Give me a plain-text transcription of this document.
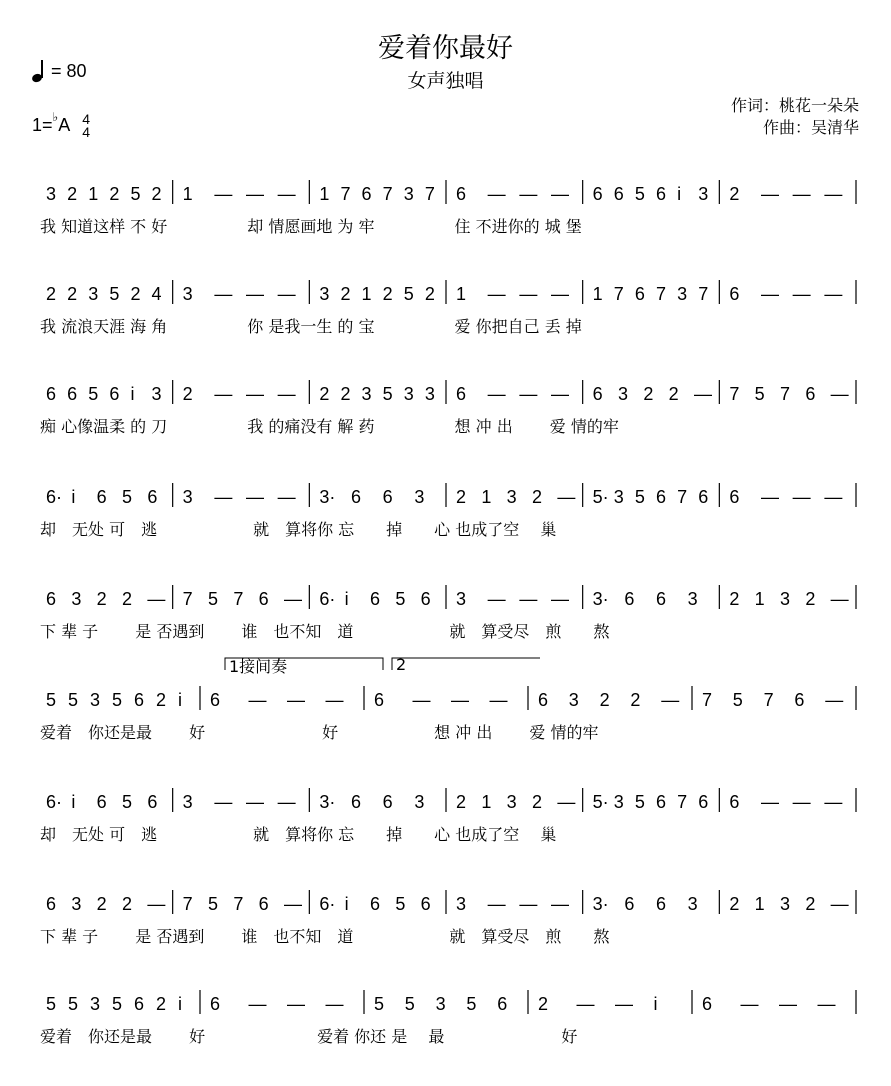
爱着你最好
女声独唱
= 80
1=♭A 4
4
作词：桃花一朵朵
作曲：吴清华
3 2 1 2 5 2 1 — — — 1 7 6 7 3 7 6 — — — 6 6 5 6 i 3 2 — — —
我 知道这样 不 好　　　　　却 情愿画地 为 牢　　　　　住 不进你的 城 堡
2 2 3 5 2 4 3 — — — 3 2 1 2 5 2 1 — — — 1 7 6 7 3 7 6 — — —
我 流浪天涯 海 角　　　　　你 是我一生 的 宝　　　　　爱 你把自己 丢 掉
6 6 5 6 i 3 2 — — — 2 2 3 5 3 3 6 — — — 6 3 2 2 — 7 5 7 6 —
痴 心像温柔 的 刀　　　　　我 的痛没有 解 药　　　　　想 冲 出　　 爱 情的牢
6· i 6 5 6 3 — — — 3· 6 6 3 2 1 3 2 — 5· 3 5 6 7 6 6 — — —
却　无处 可　逃　　　　　　就　算将你 忘　　掉　　心 也成了空　 巢
6 3 2 2 — 7 5 7 6 — 6· i 6 5 6 3 — — — 3· 6 6 3 2 1 3 2 —
下 辈 子　　 是 否遇到　　 谁　也不知　道　　　　　　就　算受尽　煎　　熬
5 5 3 5 6 2 i 6 — — — 6 — — — 6 3 2 2 — 7 5 7 6 —
爱着　你还是最　　 好　　　　　　　 好　　　　　　想 冲 出　　 爱 情的牢
6· i 6 5 6 3 — — — 3· 6 6 3 2 1 3 2 — 5· 3 5 6 7 6 6 — — —
却　无处 可　逃　　　　　　就　算将你 忘　　掉　　心 也成了空　 巢
6 3 2 2 — 7 5 7 6 — 6· i 6 5 6 3 — — — 3· 6 6 3 2 1 3 2 —
下 辈 子　　 是 否遇到　　 谁　也不知　道　　　　　　就　算受尽　煎　　熬
5 5 3 5 6 2 i 6 — — — 5 5 3 5 6 2 — — i 6 — — —
爱着　你还是最　　 好　　　　　　　爱着 你还 是　 最　　　　　　　 好
1接间奏	2
